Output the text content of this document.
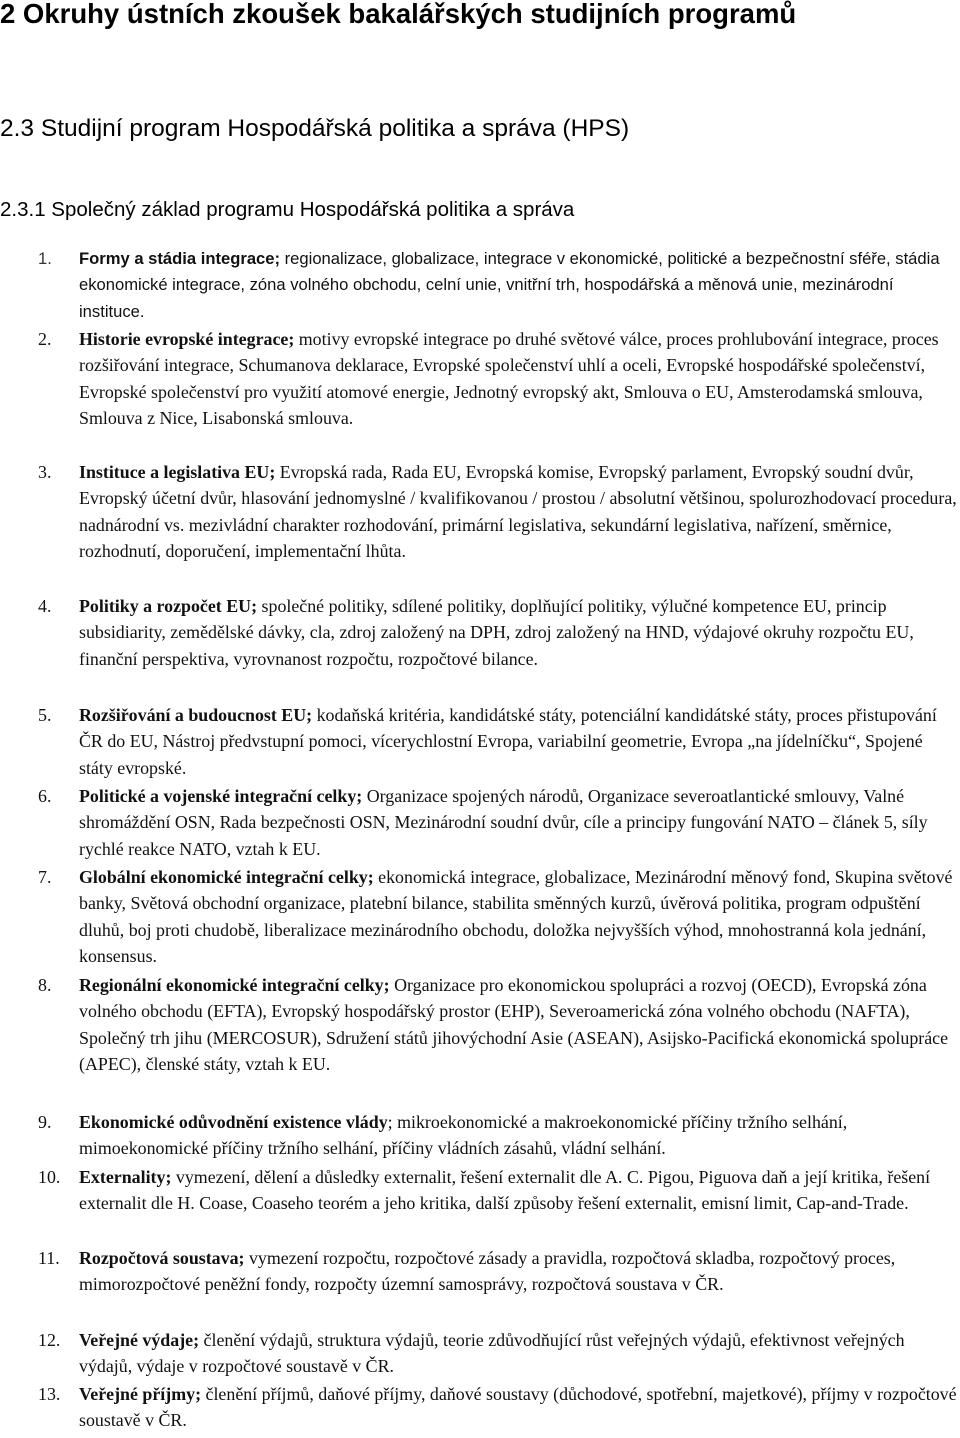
2 Okruhy ústních zkoušek bakalářských studijních programů
2.3 Studijní program Hospodářská politika a správa (HPS)
2.3.1 Společný základ programu Hospodářská politika a správa
1. Formy a stádia integrace; regionalizace, globalizace, integrace v ekonomické, politické a bezpečnostní sféře, stádia ekonomické integrace, zóna volného obchodu, celní unie, vnitřní trh, hospodářská a měnová unie, mezinárodní instituce.
2. Historie evropské integrace; motivy evropské integrace po druhé světové válce, proces prohlubování integrace, proces rozšiřování integrace, Schumanova deklarace, Evropské společenství uhlí a oceli, Evropské hospodářské společenství, Evropské společenství pro využití atomové energie, Jednotný evropský akt, Smlouva o EU, Amsterodamská smlouva, Smlouva z Nice, Lisabonská smlouva.
3. Instituce a legislativa EU; Evropská rada, Rada EU, Evropská komise, Evropský parlament, Evropský soudní dvůr, Evropský účetní dvůr, hlasování jednomyslné / kvalifikovanou / prostou / absolutní většinou, spolurozhodovací procedura, nadnárodní vs. mezivládní charakter rozhodování, primární legislativa, sekundární legislativa, nařízení, směrnice, rozhodnutí, doporučení, implementační lhůta.
4. Politiky a rozpočet EU; společné politiky, sdílené politiky, doplňující politiky, výlučné kompetence EU, princip subsidiarity, zemědělské dávky, cla, zdroj založený na DPH, zdroj založený na HND, výdajové okruhy rozpočtu EU, finanční perspektiva, vyrovnanost rozpočtu, rozpočtové bilance.
5. Rozšiřování a budoucnost EU; kodaňská kritéria, kandidátské státy, potenciální kandidátské státy, proces přistupování ČR do EU, Nástroj předvstupní pomoci, vícerychlostní Evropa, variabilní geometrie, Evropa „na jídelníčku“, Spojené státy evropské.
6. Politické a vojenské integrační celky; Organizace spojených národů, Organizace severoatlantické smlouvy, Valné shromáždění OSN, Rada bezpečnosti OSN, Mezinárodní soudní dvůr, cíle a principy fungování NATO – článek 5, síly rychlé reakce NATO, vztah k EU.
7. Globální ekonomické integrační celky; ekonomická integrace, globalizace, Mezinárodní měnový fond, Skupina světové banky, Světová obchodní organizace, platební bilance, stabilita směnných kurzů, úvěrová politika, program odpuštění dluhů, boj proti chudobě, liberalizace mezinárodního obchodu, doložka nejvyšších výhod, mnohostranná kola jednání, konsensus.
8. Regionální ekonomické integrační celky; Organizace pro ekonomickou spolupráci a rozvoj (OECD), Evropská zóna volného obchodu (EFTA), Evropský hospodářský prostor (EHP), Severoamerická zóna volného obchodu (NAFTA), Společný trh jihu (MERCOSUR), Sdružení států jihovýchodní Asie (ASEAN), Asijsko-Pacifická ekonomická spolupráce (APEC), členské státy, vztah k EU.
9. Ekonomické odůvodnění existence vlády; mikroekonomické a makroekonomické příčiny tržního selhání, mimoekonomické příčiny tržního selhání, příčiny vládních zásahů, vládní selhání.
10. Externality; vymezení, dělení a důsledky externalit, řešení externalit dle A. C. Pigou, Piguova daň a její kritika, řešení externalit dle H. Coase, Coaseho teorém a jeho kritika, další způsoby řešení externalit, emisní limit, Cap-and-Trade.
11. Rozpočtová soustava; vymezení rozpočtu, rozpočtové zásady a pravidla, rozpočtová skladba, rozpočtový proces, mimorozpočtové peněžní fondy, rozpočty územní samosprávy, rozpočtová soustava v ČR.
12. Veřejné výdaje; členění výdajů, struktura výdajů, teorie zdůvodňující růst veřejných výdajů, efektivnost veřejných výdajů, výdaje v rozpočtové soustavě v ČR.
13. Veřejné příjmy; členění příjmů, daňové příjmy, daňové soustavy (důchodové, spotřební, majetkové), příjmy v rozpočtové soustavě v ČR.
